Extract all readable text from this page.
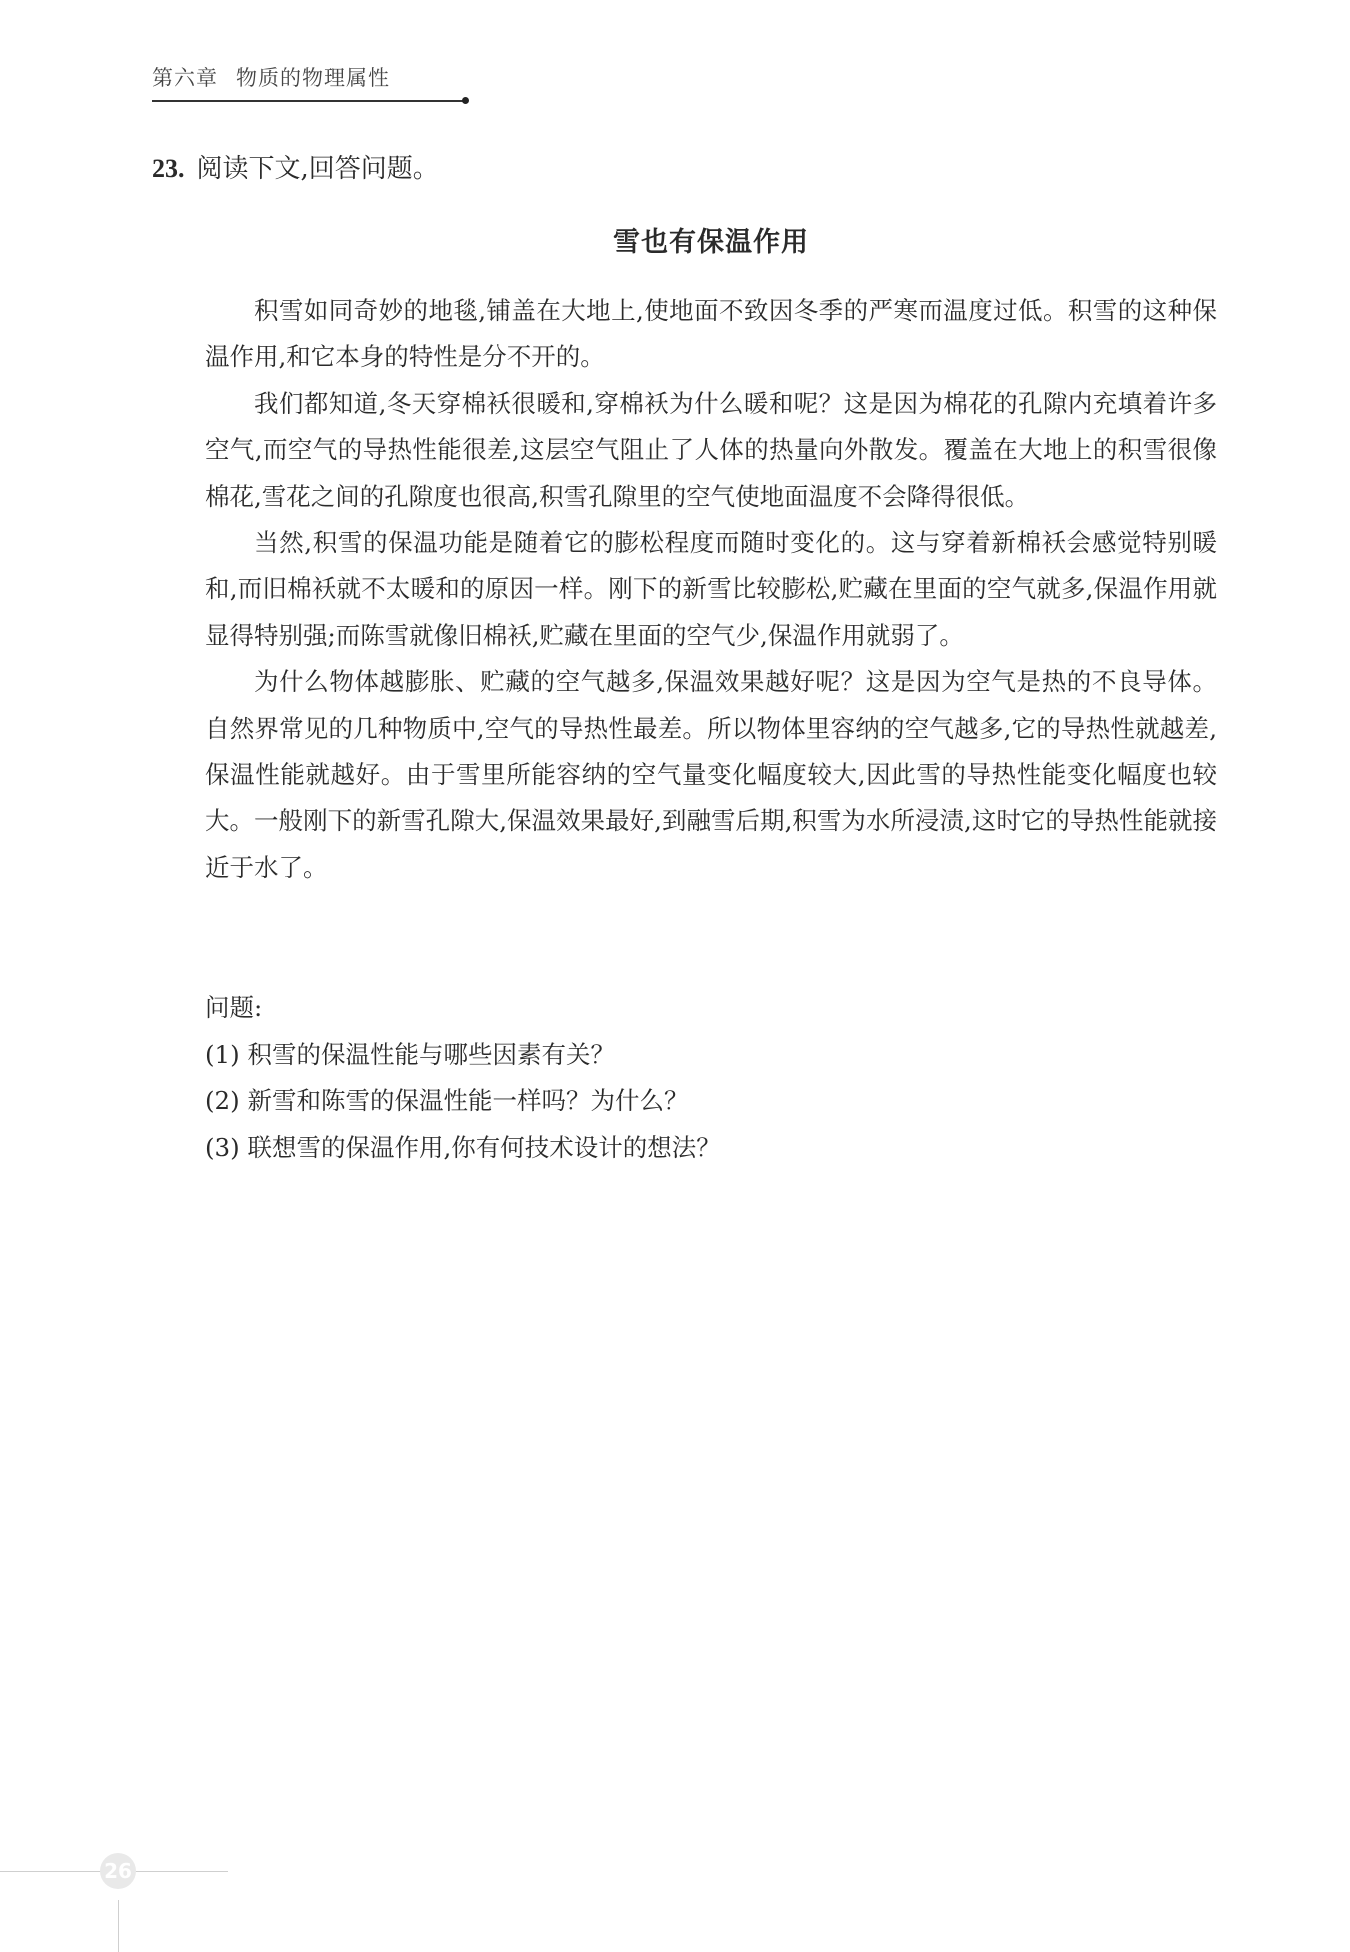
第六章 物质的物理属性
23. 阅读下文,回答问题。
雪也有保温作用

积雪如同奇妙的地毯,铺盖在大地上,使地面不致因冬季的严寒而温度过低。积雪的这种保温作用,和它本身的特性是分不开的。

我们都知道,冬天穿棉袄很暖和,穿棉袄为什么暖和呢？这是因为棉花的孔隙内充填着许多空气,而空气的导热性能很差,这层空气阻止了人体的热量向外散发。覆盖在大地上的积雪很像棉花,雪花之间的孔隙度也很高,积雪孔隙里的空气使地面温度不会降得很低。

当然,积雪的保温功能是随着它的膨松程度而随时变化的。这与穿着新棉袄会感觉特别暖和,而旧棉袄就不太暖和的原因一样。刚下的新雪比较膨松,贮藏在里面的空气就多,保温作用就显得特别强;而陈雪就像旧棉袄,贮藏在里面的空气少,保温作用就弱了。

为什么物体越膨胀、贮藏的空气越多,保温效果越好呢？这是因为空气是热的不良导体。自然界常见的几种物质中,空气的导热性最差。所以物体里容纳的空气越多,它的导热性就越差,保温性能就越好。由于雪里所能容纳的空气量变化幅度较大,因此雪的导热性能变化幅度也较大。一般刚下的新雪孔隙大,保温效果最好,到融雪后期,积雪为水所浸渍,这时它的导热性能就接近于水了。

问题:

(1) 积雪的保温性能与哪些因素有关？

(2) 新雪和陈雪的保温性能一样吗？为什么？

(3) 联想雪的保温作用,你有何技术设计的想法？

26
